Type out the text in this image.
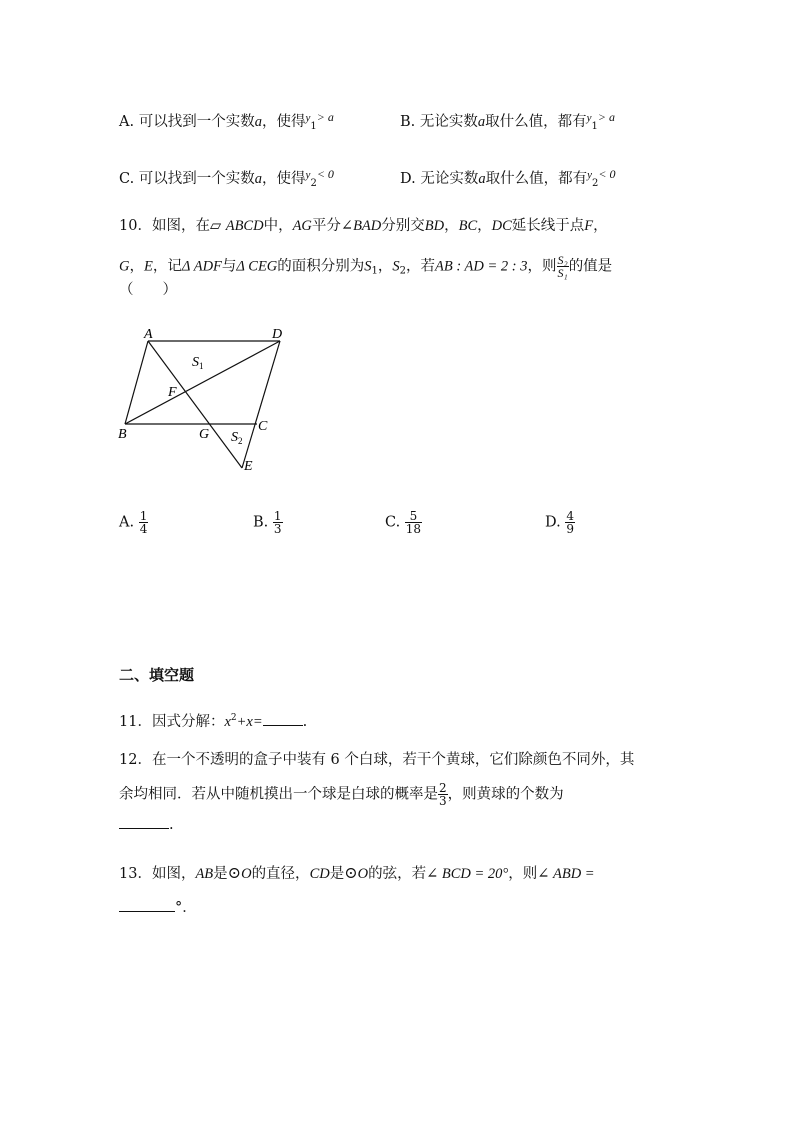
A. 可以找到一个实数a，使得$^y_1^{> a}$	B. 无论实数a取什么值，都有$^y_1^{> a}$
C. 可以找到一个实数a，使得$^y_2^{< 0}$	D. 无论实数a取什么值，都有$^y_2^{< 0}$
10．如图，在▱ ABCD中，AG平分∠BAD分别交BD，BC，DC延长线于点F，
G，E，记Δ ADF与Δ CEG的面积分别为$S_1$，$S_2$，若AB : AD = 2 : 3，则 $\frac{\text{S₂}}{\text{S₁}}$ 的值是
（　　）
A	D
B	G
C
E
F
$S_1$
$S_2$
A. $\frac{1}{4}$	B. $\frac{1}{3}$	C. $\frac{5}{18}$	D. $\frac{4}{9}$
二、填空题
11．因式分解：$x^2+x=$	.
12．在一个不透明的盒子中装有 6 个白球，若干个黄球，它们除颜色不同外，其
余均相同．若从中随机摸出一个球是白球的概率是 $\frac{2}{3}$ ，则黄球的个数为
.
13．如图，AB是⊙O的直径，CD是⊙O的弦，若∠ BCD = 20°，则∠ ABD =
°．
